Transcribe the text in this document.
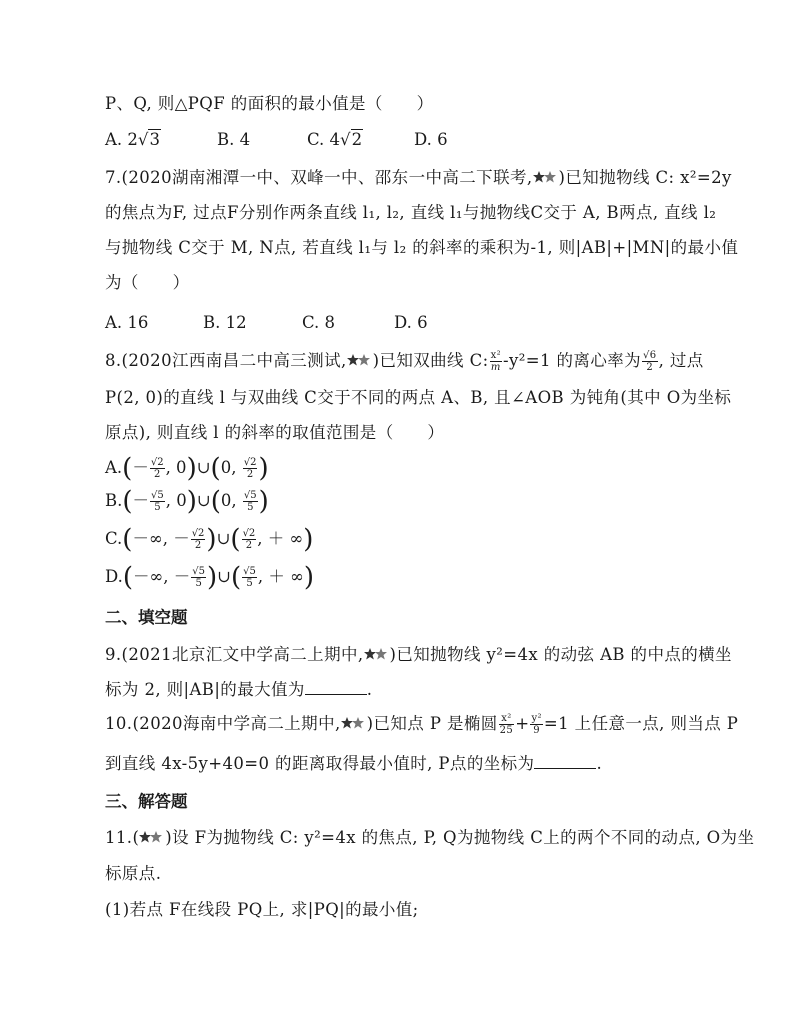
P、Q, 则△PQF 的面积的最小值是（　　）
A. 2√3	B. 4	C. 4√2	D. 6
7.(2020湖南湘潭一中、双峰一中、邵东一中高二下联考, )已知抛物线 C: x²=2y
的焦点为F, 过点F分别作两条直线 l₁, l₂, 直线 l₁与抛物线C交于 A, B两点, 直线 l₂
与抛物线 C交于 M, N点, 若直线 l₁与 l₂ 的斜率的乘积为-1, 则|AB|+|MN|的最小值
为（　　）
A. 16	B. 12	C. 8	D. 6
8.(2020江西南昌二中高三测试, )已知双曲线 C: $\frac{\text{x²}}{m} -y^2=1$ 的离心率为 $\frac{√6}{2}$ , 过点
P(2, 0)的直线 l 与双曲线 C交于不同的两点 A、B, 且∠AOB 为钝角(其中 O为坐标
原点), 则直线 l 的斜率的取值范围是（　　）
$A.(- \frac{√2}{2}$ , 0)∪(0, $\frac{√2}{2}$ )
$B.(- \frac{√5}{5}$ , 0)∪(0, $\frac{√5}{5}$ )
C.(－∞, － $\frac{√2}{2}$ )∪( $\frac{√2}{2}$ , ＋ ∞)
D.(－∞, － $\frac{√5}{5}$ )∪( $\frac{√5}{5}$ , ＋ ∞)
二、填空题
9.(2021北京汇文中学高二上期中, )已知抛物线 y²=4x 的动弦 AB 的中点的横坐
标为 2, 则|AB|的最大值为	.
10.(2020海南中学高二上期中, )已知点 P 是椭圆 $\frac{\text{x²}}{25} + \frac{\text{y²}}{9} =1$ 上任意一点, 则当点 P
到直线 4x-5y+40=0 的距离取得最小值时, P点的坐标为	.
三、解答题
11.( )设 F为抛物线 C: y²=4x 的焦点, P, Q为抛物线 C上的两个不同的动点, O为坐
标原点.
(1)若点 F在线段 PQ上, 求|PQ|的最小值;
